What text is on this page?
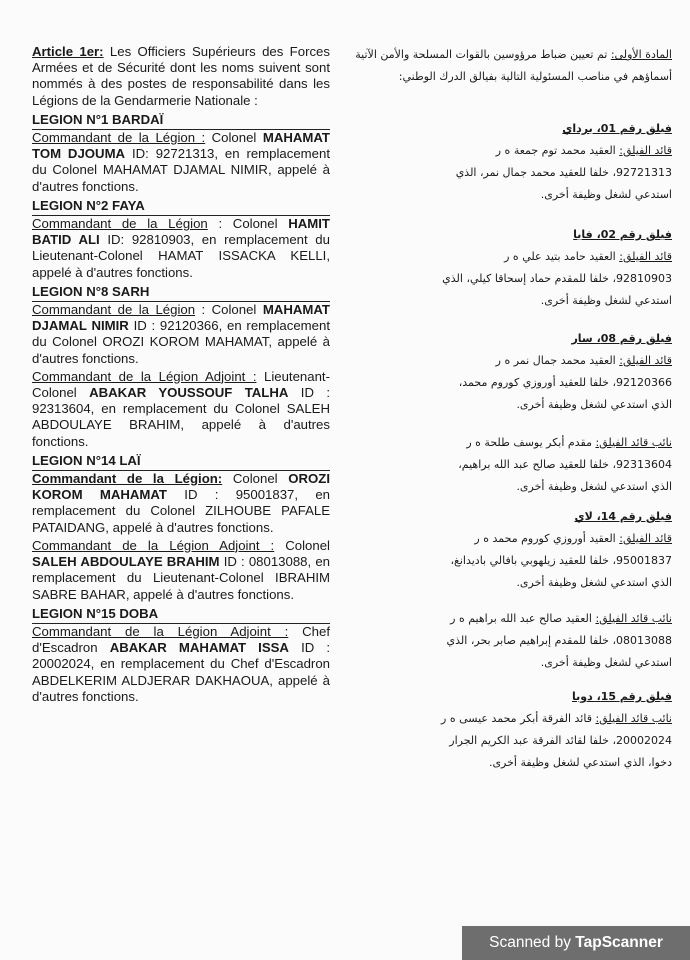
Article 1er: Les Officiers Supérieurs des Forces Armées et de Sécurité dont les noms suivent sont nommés à des postes de responsabilité dans les Légions de la Gendarmerie Nationale :
LEGION N°1 BARDAÏ
Commandant de la Légion : Colonel MAHAMAT TOM DJOUMA ID: 92721313, en remplacement du Colonel MAHAMAT DJAMAL NIMIR, appelé à d'autres fonctions.
LEGION N°2 FAYA
Commandant de la Légion : Colonel HAMIT BATID ALI ID: 92810903, en remplacement du Lieutenant-Colonel HAMAT ISSACKA KELLI, appelé à d'autres fonctions.
LEGION N°8 SARH
Commandant de la Légion : Colonel MAHAMAT DJAMAL NIMIR ID : 92120366, en remplacement du Colonel OROZI KOROM MAHAMAT, appelé à d'autres fonctions.
Commandant de la Légion Adjoint : Lieutenant-Colonel ABAKAR YOUSSOUF TALHA ID : 92313604, en remplacement du Colonel SALEH ABDOULAYE BRAHIM, appelé à d'autres fonctions.
LEGION N°14 LAÏ
Commandant de la Légion: Colonel OROZI KOROM MAHAMAT ID : 95001837, en remplacement du Colonel ZILHOUBE PAFALE PATAIDANG, appelé à d'autres fonctions.
Commandant de la Légion Adjoint : Colonel SALEH ABDOULAYE BRAHIM ID : 08013088, en remplacement du Lieutenant-Colonel IBRAHIM SABRE BAHAR, appelé à d'autres fonctions.
LEGION N°15 DOBA
Commandant de la Légion Adjoint : Chef d'Escadron ABAKAR MAHAMAT ISSA ID : 20002024, en remplacement du Chef d'Escadron ABDELKERIM ALDJERAR DAKHAOUA, appelé à d'autres fonctions.
المادة الأولى: تم تعيين ضباط مرؤوسين بالقوات المسلحة والأمن الآتية أسماؤهم في مناصب المسئولية التالية بفيالق الدرك الوطني:
فيلق رقم 01، برداي
قائد الفيلق: العقيد محمد توم جمعة ه ر
92721313، خلفا للعقيد محمد جمال نمر، الذي
استدعي لشغل وظيفة أخرى.
فيلق رقم 02، فايا
قائد الفيلق: العقيد حامد بتيد علي ه ر
92810903، خلفا للمقدم حماد إسحاقا كيلي، الذي
استدعي لشغل وظيفة أخرى.
فيلق رقم 08، سار
قائد الفيلق: العقيد محمد جمال نمر ه ر
92120366، خلفا للعقيد أوروزي كوروم محمد،
الذي استدعي لشغل وظيفة أخرى.
نائب قائد الفيلق: مقدم أبكر يوسف طلحة ه ر
92313604، خلفا للعقيد صالح عبد الله براهيم،
الذي استدعي لشغل وظيفة أخرى.
فيلق رقم 14، لاي
قائد الفيلق: العقيد أوروزي كوروم محمد ه ر
95001837، خلفا للعقيد زيلهوبي بافالي باديدانغ،
الذي استدعي لشغل وظيفة أخرى.
نائب قائد الفيلق: العقيد صالح عبد الله براهيم ه ر
08013088، خلفا للمقدم إبراهيم صابر بحر، الذي
استدعي لشغل وظيفة أخرى.
فيلق رقم 15، دوبا
نائب قائد الفيلق: قائد الفرقة أبكر محمد عيسى ه ر
20002024، خلفا لقائد الفرقة عبد الكريم الجرار
دخوا، الذي استدعي لشغل وظيفة أخرى.
Scanned by TapScanner
